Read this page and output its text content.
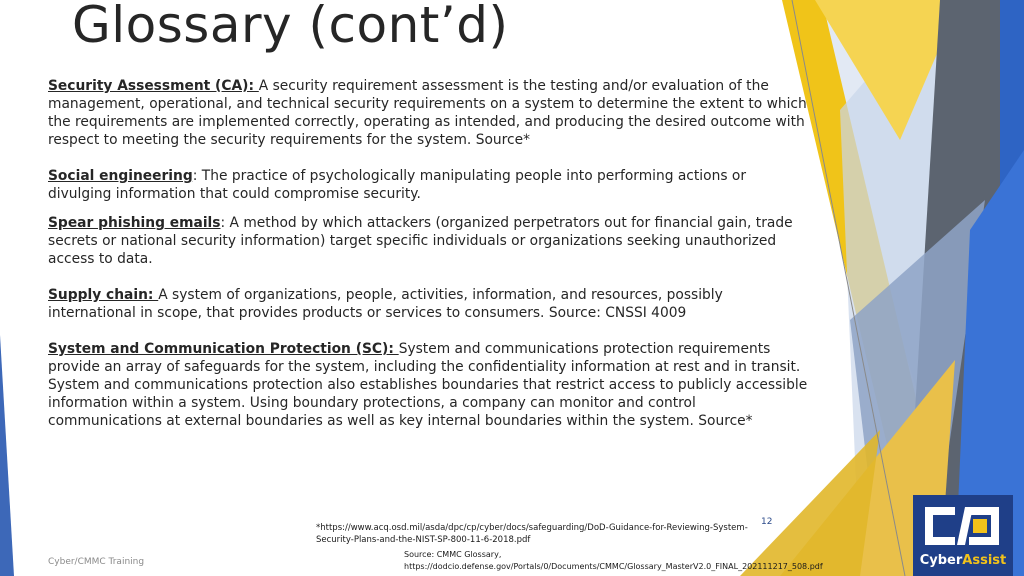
Glossary (cont’d)

Security Assessment (CA): A security requirement assessment is the testing and/or evaluation of the management, operational, and technical security requirements on a system to determine the extent to which the requirements are implemented correctly, operating as intended, and producing the desired outcome with respect to meeting the security requirements for the system. Source*

Social engineering: The practice of psychologically manipulating people into performing actions or divulging information that could compromise security.

Spear phishing emails: A method by which attackers (organized perpetrators out for financial gain, trade secrets or national security information) target specific individuals or organizations seeking unauthorized access to data.

Supply chain: A system of organizations, people, activities, information, and resources, possibly international in scope, that provides products or services to consumers. Source: CNSSI 4009

System and Communication Protection (SC): System and communications protection requirements provide an array of safeguards for the system, including the confidentiality information at rest and in transit. System and communications protection also establishes boundaries that restrict access to publicly accessible information within a system. Using boundary protections, a company can monitor and control communications at external boundaries as well as key internal boundaries within the system. Source*

12
*https://www.acq.osd.mil/asda/dpc/cp/cyber/docs/safeguarding/DoD-Guidance-for-Reviewing-System-Security-Plans-and-the-NIST-SP-800-11-6-2018.pdf
Source: CMMC Glossary,
https://dodcio.defense.gov/Portals/0/Documents/CMMC/Glossary_MasterV2.0_FINAL_202111217_508.pdf
Cyber/CMMC Training	CyberAssist
